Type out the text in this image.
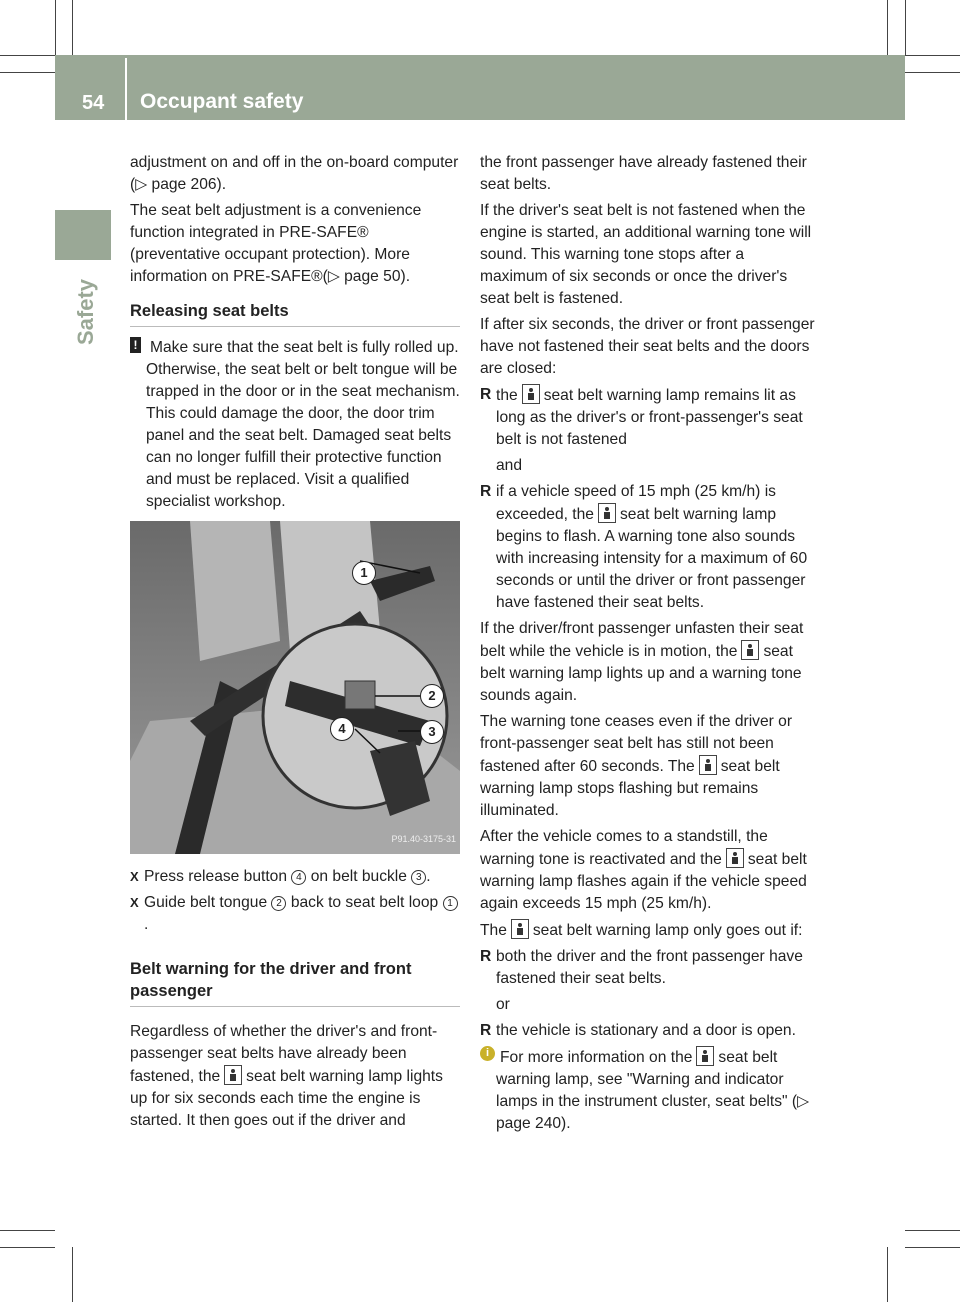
54 Occupant safety
Safety

adjustment on and off in the on-board computer (▷ page 206).

The seat belt adjustment is a convenience function integrated in PRE-SAFE® (preventative occupant protection). More information on PRE-SAFE®(▷ page 50).

Releasing seat belts

! Make sure that the seat belt is fully rolled up. Otherwise, the seat belt or belt tongue will be trapped in the door or in the seat mechanism. This could damage the door, the door trim panel and the seat belt. Damaged seat belts can no longer fulfill their protective function and must be replaced. Visit a qualified specialist workshop.

1
2
3
4
P91.40-3175-31

X Press release button 4 on belt buckle 3 .

X Guide belt tongue 2 back to seat belt loop 1.

Belt warning for the driver and front passenger

Regardless of whether the driver's and front-passenger seat belts have already been fastened, the seat belt warning lamp lights up for six seconds each time the engine is started. It then goes out if the driver and

the front passenger have already fastened their seat belts.

If the driver's seat belt is not fastened when the engine is started, an additional warning tone will sound. This warning tone stops after a maximum of six seconds or once the driver's seat belt is fastened.

If after six seconds, the driver or front passenger have not fastened their seat belts and the doors are closed:

R the seat belt warning lamp remains lit as long as the driver's or front-passenger's seat belt is not fastened

and

R if a vehicle speed of 15 mph (25 km/h) is exceeded, the seat belt warning lamp begins to flash. A warning tone also sounds with increasing intensity for a maximum of 60 seconds or until the driver or front passenger have fastened their seat belts.

If the driver/front passenger unfasten their seat belt while the vehicle is in motion, the seat belt warning lamp lights up and a warning tone sounds again.

The warning tone ceases even if the driver or front-passenger seat belt has still not been fastened after 60 seconds. The seat belt warning lamp stops flashing but remains illuminated.

After the vehicle comes to a standstill, the warning tone is reactivated and the seat belt warning lamp flashes again if the vehicle speed again exceeds 15 mph (25 km/h).

The seat belt warning lamp only goes out if:

R both the driver and the front passenger have fastened their seat belts.

or

R the vehicle is stationary and a door is open.

i For more information on the seat belt warning lamp, see "Warning and indicator lamps in the instrument cluster, seat belts" (▷ page 240).
